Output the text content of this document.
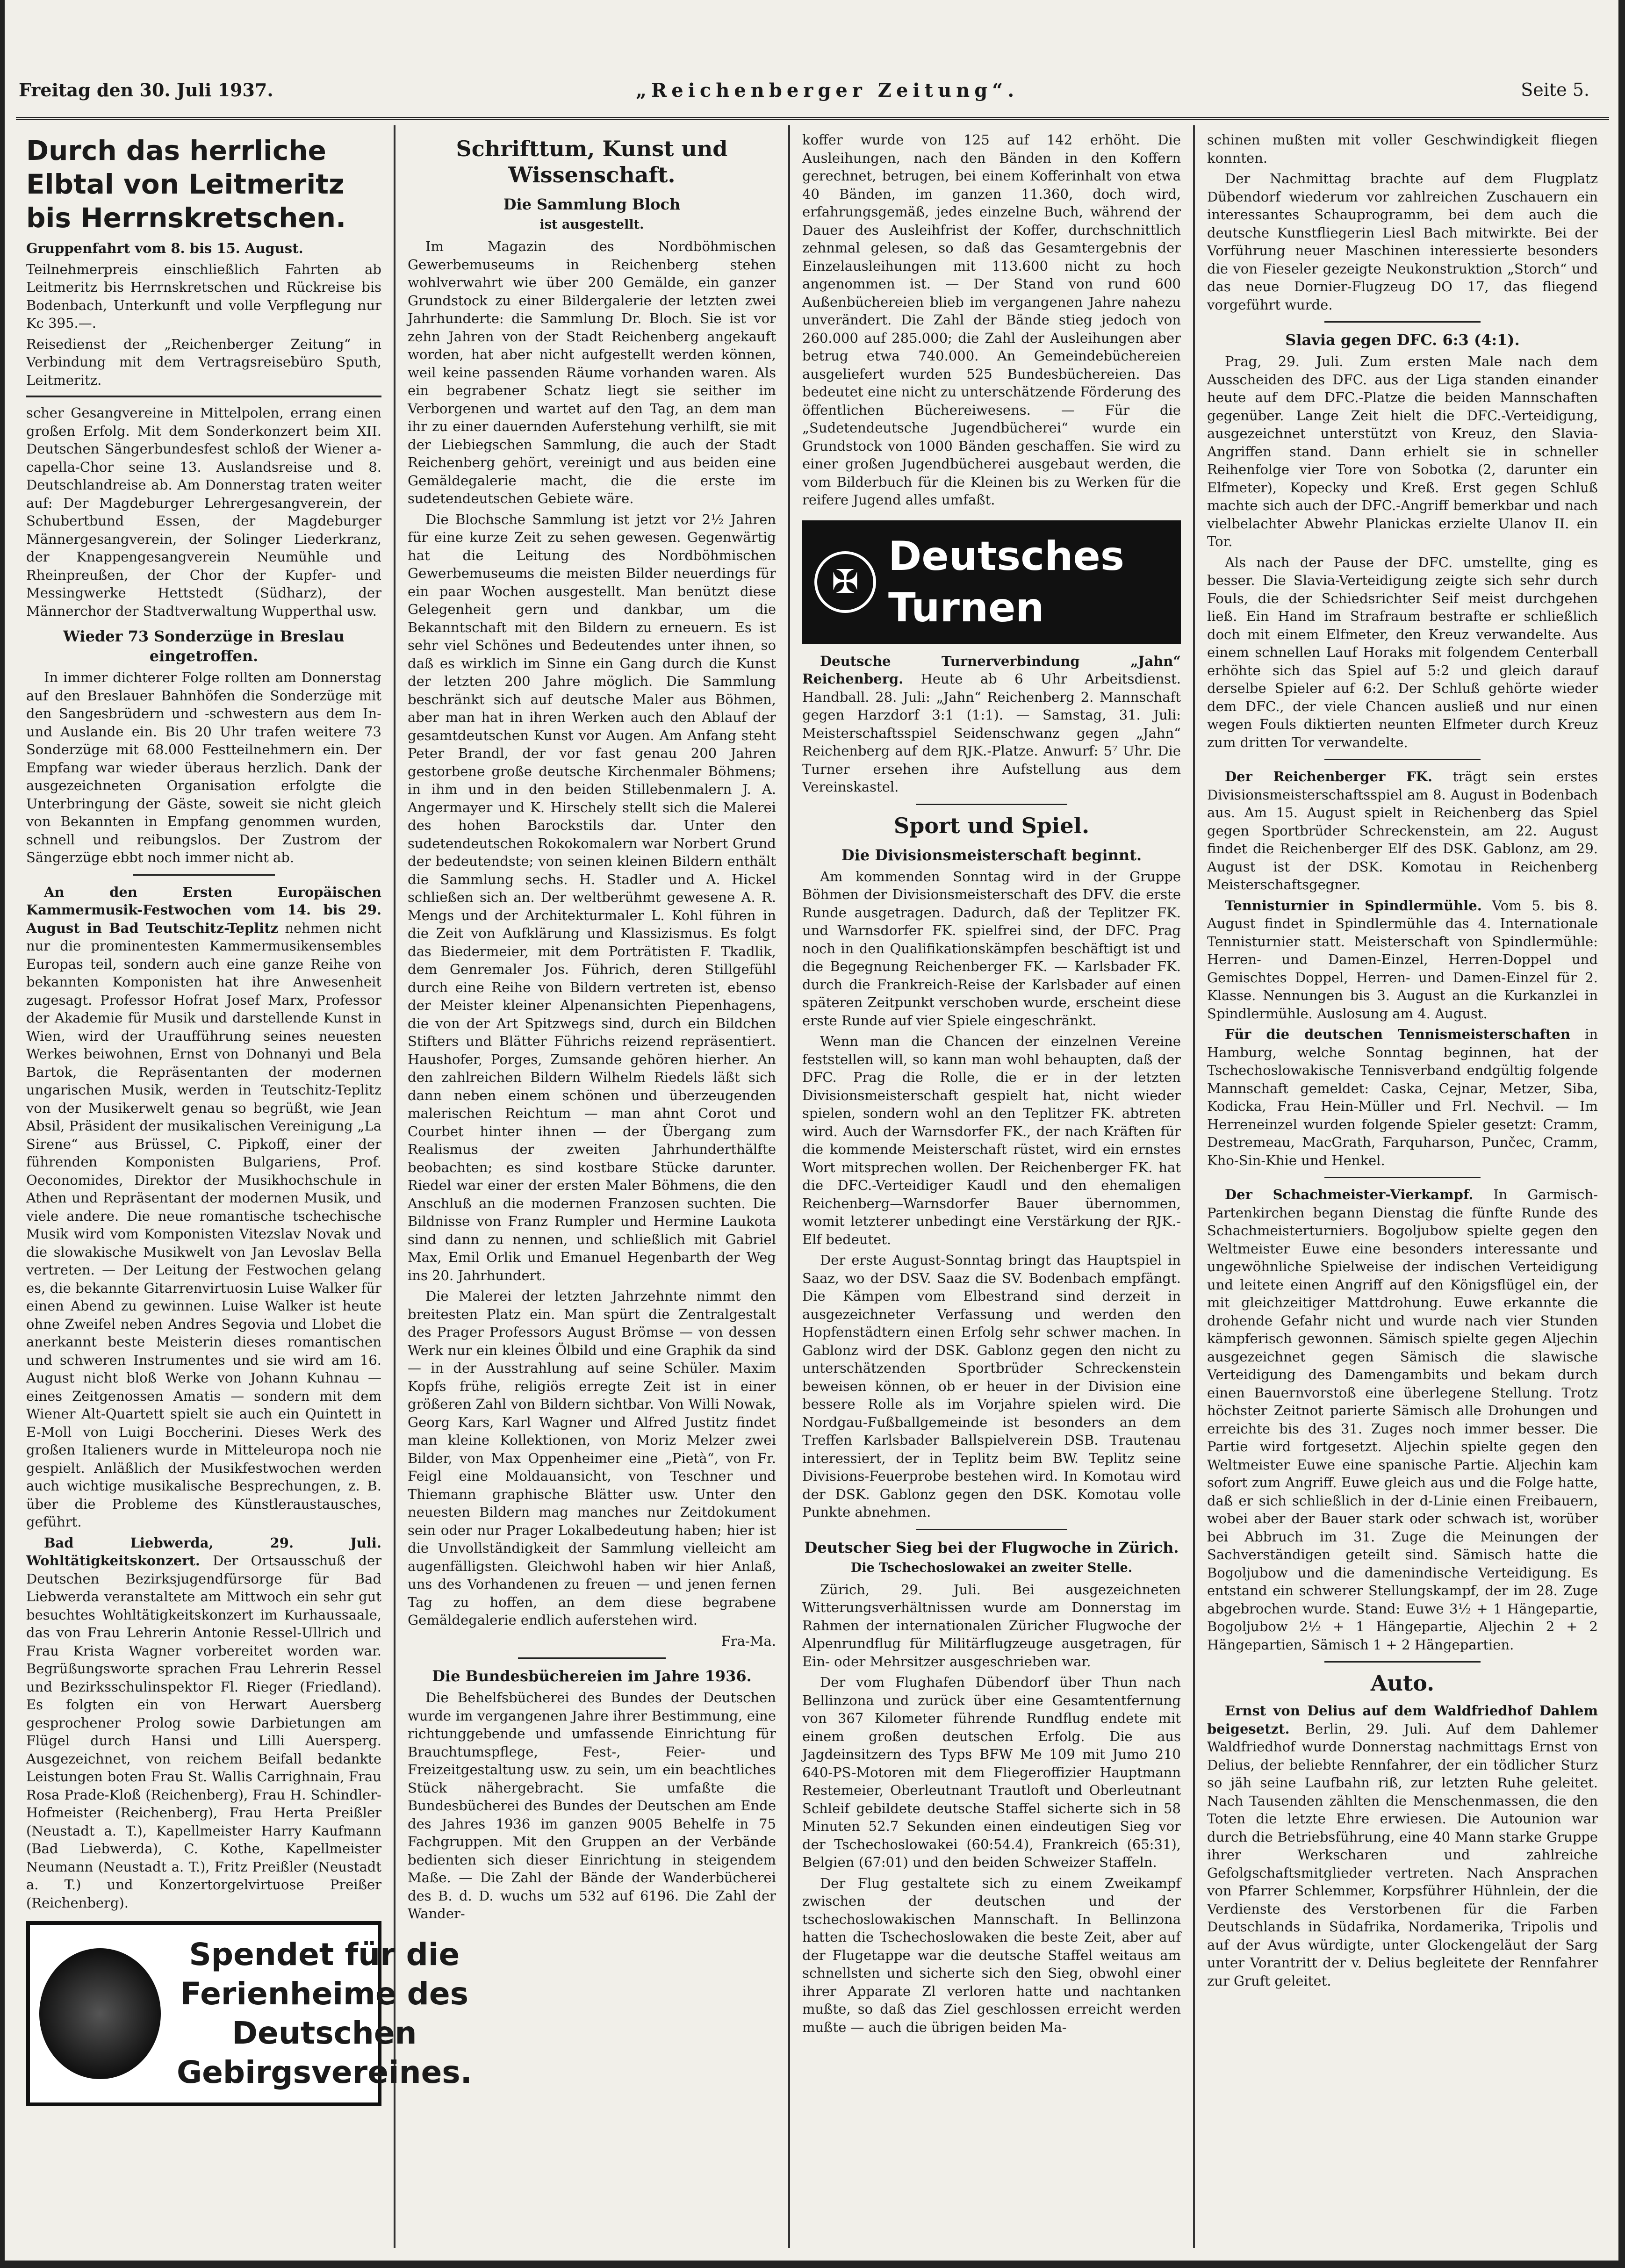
Freitag den 30. Juli 1937.	„Reichenberger Zeitung“.	Seite 5.
Durch das herrliche Elbtal von Leitmeritz bis Herrnskretschen.

Gruppenfahrt vom 8. bis 15. August.

Teilnehmerpreis einschließlich Fahrten ab Leitmeritz bis Herrnskretschen und Rückreise bis Bodenbach, Unterkunft und volle Verpflegung nur Kc 395.—.

Reisedienst der „Reichenberger Zeitung“ in Verbindung mit dem Vertragsreisebüro Sputh, Leitmeritz.

scher Gesangvereine in Mittelpolen, errang einen großen Erfolg. Mit dem Sonderkonzert beim XII. Deutschen Sängerbundesfest schloß der Wiener a-capella-Chor seine 13. Auslandsreise und 8. Deutschlandreise ab. Am Donnerstag traten weiter auf: Der Magdeburger Lehrergesangverein, der Schubertbund Essen, der Magdeburger Männergesangverein, der Solinger Liederkranz, der Knappengesangverein Neumühle und Rheinpreußen, der Chor der Kupfer- und Messingwerke Hettstedt (Südharz), der Männerchor der Stadtverwaltung Wupperthal usw.

Wieder 73 Sonderzüge in Breslau eingetroffen.

In immer dichterer Folge rollten am Donnerstag auf den Breslauer Bahnhöfen die Sonderzüge mit den Sangesbrüdern und -schwestern aus dem In- und Auslande ein. Bis 20 Uhr trafen weitere 73 Sonderzüge mit 68.000 Festteilnehmern ein. Der Empfang war wieder überaus herzlich. Dank der ausgezeichneten Organisation erfolgte die Unterbringung der Gäste, soweit sie nicht gleich von Bekannten in Empfang genommen wurden, schnell und reibungslos. Der Zustrom der Sängerzüge ebbt noch immer nicht ab.

An den Ersten Europäischen Kammermusik-Festwochen vom 14. bis 29. August in Bad Teutschitz-Teplitz nehmen nicht nur die prominentesten Kammermusikensembles Europas teil, sondern auch eine ganze Reihe von bekannten Komponisten hat ihre Anwesenheit zugesagt. Professor Hofrat Josef Marx, Professor der Akademie für Musik und darstellende Kunst in Wien, wird der Uraufführung seines neuesten Werkes beiwohnen, Ernst von Dohnanyi und Bela Bartok, die Repräsentanten der modernen ungarischen Musik, werden in Teutschitz-Teplitz von der Musikerwelt genau so begrüßt, wie Jean Absil, Präsident der musikalischen Vereinigung „La Sirene“ aus Brüssel, C. Pipkoff, einer der führenden Komponisten Bulgariens, Prof. Oeconomides, Direktor der Musikhochschule in Athen und Repräsentant der modernen Musik, und viele andere. Die neue romantische tschechische Musik wird vom Komponisten Vitezslav Novak und die slowakische Musikwelt von Jan Levoslav Bella vertreten. — Der Leitung der Festwochen gelang es, die bekannte Gitarrenvirtuosin Luise Walker für einen Abend zu gewinnen. Luise Walker ist heute ohne Zweifel neben Andres Segovia und Llobet die anerkannt beste Meisterin dieses romantischen und schweren Instrumentes und sie wird am 16. August nicht bloß Werke von Johann Kuhnau — eines Zeitgenossen Amatis — sondern mit dem Wiener Alt-Quartett spielt sie auch ein Quintett in E-Moll von Luigi Boccherini. Dieses Werk des großen Italieners wurde in Mitteleuropa noch nie gespielt. Anläßlich der Musikfestwochen werden auch wichtige musikalische Besprechungen, z. B. über die Probleme des Künstleraustausches, geführt.

Bad Liebwerda, 29. Juli. Wohltätigkeitskonzert. Der Ortsausschuß der Deutschen Bezirksjugendfürsorge für Bad Liebwerda veranstaltete am Mittwoch ein sehr gut besuchtes Wohltätigkeitskonzert im Kurhaussaale, das von Frau Lehrerin Antonie Ressel-Ullrich und Frau Krista Wagner vorbereitet worden war. Begrüßungsworte sprachen Frau Lehrerin Ressel und Bezirksschulinspektor Fl. Rieger (Friedland). Es folgten ein von Herwart Auersberg gesprochener Prolog sowie Darbietungen am Flügel durch Hansi und Lilli Auersperg. Ausgezeichnet, von reichem Beifall bedankte Leistungen boten Frau St. Wallis Carrighnain, Frau Rosa Prade-Kloß (Reichenberg), Frau H. Schindler-Hofmeister (Reichenberg), Frau Herta Preißler (Neustadt a. T.), Kapellmeister Harry Kaufmann (Bad Liebwerda), C. Kothe, Kapellmeister Neumann (Neustadt a. T.), Fritz Preißler (Neustadt a. T.) und Konzertorgelvirtuose Preißer (Reichenberg).

Spendet für die Ferienheime des Deutschen Gebirgsvereines.
Schrifttum, Kunst und Wissenschaft.
Die Sammlung Bloch
ist ausgestellt.

Im Magazin des Nordböhmischen Gewerbemuseums in Reichenberg stehen wohlverwahrt wie über 200 Gemälde, ein ganzer Grundstock zu einer Bildergalerie der letzten zwei Jahrhunderte: die Sammlung Dr. Bloch. Sie ist vor zehn Jahren von der Stadt Reichenberg angekauft worden, hat aber nicht aufgestellt werden können, weil keine passenden Räume vorhanden waren. Als ein begrabener Schatz liegt sie seither im Verborgenen und wartet auf den Tag, an dem man ihr zu einer dauernden Auferstehung verhilft, sie mit der Liebiegschen Sammlung, die auch der Stadt Reichenberg gehört, vereinigt und aus beiden eine Gemäldegalerie macht, die die erste im sudetendeutschen Gebiete wäre.

Die Blochsche Sammlung ist jetzt vor 2½ Jahren für eine kurze Zeit zu sehen gewesen. Gegenwärtig hat die Leitung des Nordböhmischen Gewerbemuseums die meisten Bilder neuerdings für ein paar Wochen ausgestellt. Man benützt diese Gelegenheit gern und dankbar, um die Bekanntschaft mit den Bildern zu erneuern. Es ist sehr viel Schönes und Bedeutendes unter ihnen, so daß es wirklich im Sinne ein Gang durch die Kunst der letzten 200 Jahre möglich. Die Sammlung beschränkt sich auf deutsche Maler aus Böhmen, aber man hat in ihren Werken auch den Ablauf der gesamtdeutschen Kunst vor Augen. Am Anfang steht Peter Brandl, der vor fast genau 200 Jahren gestorbene große deutsche Kirchenmaler Böhmens; in ihm und in den beiden Stillebenmalern J. A. Angermayer und K. Hirschely stellt sich die Malerei des hohen Barockstils dar. Unter den sudetendeutschen Rokokomalern war Norbert Grund der bedeutendste; von seinen kleinen Bildern enthält die Sammlung sechs. H. Stadler und A. Hickel schließen sich an. Der weltberühmt gewesene A. R. Mengs und der Architekturmaler L. Kohl führen in die Zeit von Aufklärung und Klassizismus. Es folgt das Biedermeier, mit dem Porträtisten F. Tkadlik, dem Genremaler Jos. Führich, deren Stillgefühl durch eine Reihe von Bildern vertreten ist, ebenso der Meister kleiner Alpenansichten Piepenhagens, die von der Art Spitzwegs sind, durch ein Bildchen Stifters und Blätter Führichs reizend repräsentiert. Haushofer, Porges, Zumsande gehören hierher. An den zahlreichen Bildern Wilhelm Riedels läßt sich dann neben einem schönen und überzeugenden malerischen Reichtum — man ahnt Corot und Courbet hinter ihnen — der Übergang zum Realismus der zweiten Jahrhunderthälfte beobachten; es sind kostbare Stücke darunter. Riedel war einer der ersten Maler Böhmens, die den Anschluß an die modernen Franzosen suchten. Die Bildnisse von Franz Rumpler und Hermine Laukota sind dann zu nennen, und schließlich mit Gabriel Max, Emil Orlik und Emanuel Hegenbarth der Weg ins 20. Jahrhundert.

Die Malerei der letzten Jahrzehnte nimmt den breitesten Platz ein. Man spürt die Zentralgestalt des Prager Professors August Brömse — von dessen Werk nur ein kleines Ölbild und eine Graphik da sind — in der Ausstrahlung auf seine Schüler. Maxim Kopfs frühe, religiös erregte Zeit ist in einer größeren Zahl von Bildern sichtbar. Von Willi Nowak, Georg Kars, Karl Wagner und Alfred Justitz findet man kleine Kollektionen, von Moriz Melzer zwei Bilder, von Max Oppenheimer eine „Pietà“, von Fr. Feigl eine Moldauansicht, von Teschner und Thiemann graphische Blätter usw. Unter den neuesten Bildern mag manches nur Zeitdokument sein oder nur Prager Lokalbedeutung haben; hier ist die Unvollständigkeit der Sammlung vielleicht am augenfälligsten. Gleichwohl haben wir hier Anlaß, uns des Vorhandenen zu freuen — und jenen fernen Tag zu hoffen, an dem diese begrabene Gemäldegalerie endlich auferstehen wird.

Fra-Ma.

Die Bundesbüchereien im Jahre 1936.

Die Behelfsbücherei des Bundes der Deutschen wurde im vergangenen Jahre ihrer Bestimmung, eine richtunggebende und umfassende Einrichtung für Brauchtumspflege, Fest-, Feier- und Freizeitgestaltung usw. zu sein, um ein beachtliches Stück nähergebracht. Sie umfaßte die Bundesbücherei des Bundes der Deutschen am Ende des Jahres 1936 im ganzen 9005 Behelfe in 75 Fachgruppen. Mit den Gruppen an der Verbände bedienten sich dieser Einrichtung in steigendem Maße. — Die Zahl der Bände der Wanderbücherei des B. d. D. wuchs um 532 auf 6196. Die Zahl der Wander-

koffer wurde von 125 auf 142 erhöht. Die Ausleihungen, nach den Bänden in den Koffern gerechnet, betrugen, bei einem Kofferinhalt von etwa 40 Bänden, im ganzen 11.360, doch wird, erfahrungsgemäß, jedes einzelne Buch, während der Dauer des Ausleihfrist der Koffer, durchschnittlich zehnmal gelesen, so daß das Gesamtergebnis der Einzelausleihungen mit 113.600 nicht zu hoch angenommen ist. — Der Stand von rund 600 Außenbüchereien blieb im vergangenen Jahre nahezu unverändert. Die Zahl der Bände stieg jedoch von 260.000 auf 285.000; die Zahl der Ausleihungen aber betrug etwa 740.000. An Gemeindebüchereien ausgeliefert wurden 525 Bundesbüchereien. Das bedeutet eine nicht zu unterschätzende Förderung des öffentlichen Büchereiwesens. — Für die „Sudetendeutsche Jugendbücherei“ wurde ein Grundstock von 1000 Bänden geschaffen. Sie wird zu einer großen Jugendbücherei ausgebaut werden, die vom Bilderbuch für die Kleinen bis zu Werken für die reifere Jugend alles umfaßt.

✠
Deutsches Turnen

Deutsche Turnerverbindung „Jahn“ Reichenberg. Heute ab 6 Uhr Arbeitsdienst. Handball. 28. Juli: „Jahn“ Reichenberg 2. Mannschaft gegen Harzdorf 3:1 (1:1). — Samstag, 31. Juli: Meisterschaftsspiel Seidenschwanz gegen „Jahn“ Reichenberg auf dem RJK.-Platze. Anwurf: 5⁷ Uhr. Die Turner ersehen ihre Aufstellung aus dem Vereinskastel.

Sport und Spiel.
Die Divisionsmeisterschaft beginnt.

Am kommenden Sonntag wird in der Gruppe Böhmen der Divisionsmeisterschaft des DFV. die erste Runde ausgetragen. Dadurch, daß der Teplitzer FK. und Warnsdorfer FK. spielfrei sind, der DFC. Prag noch in den Qualifikationskämpfen beschäftigt ist und die Begegnung Reichenberger FK. — Karlsbader FK. durch die Frankreich-Reise der Karlsbader auf einen späteren Zeitpunkt verschoben wurde, erscheint diese erste Runde auf vier Spiele eingeschränkt.

Wenn man die Chancen der einzelnen Vereine feststellen will, so kann man wohl behaupten, daß der DFC. Prag die Rolle, die er in der letzten Divisionsmeisterschaft gespielt hat, nicht wieder spielen, sondern wohl an den Teplitzer FK. abtreten wird. Auch der Warnsdorfer FK., der nach Kräften für die kommende Meisterschaft rüstet, wird ein ernstes Wort mitsprechen wollen. Der Reichenberger FK. hat die DFC.-Verteidiger Kaudl und den ehemaligen Reichenberg—Warnsdorfer Bauer übernommen, womit letzterer unbedingt eine Verstärkung der RJK.-Elf bedeutet.

Der erste August-Sonntag bringt das Hauptspiel in Saaz, wo der DSV. Saaz die SV. Bodenbach empfängt. Die Kämpen vom Elbestrand sind derzeit in ausgezeichneter Verfassung und werden den Hopfenstädtern einen Erfolg sehr schwer machen. In Gablonz wird der DSK. Gablonz gegen den nicht zu unterschätzenden Sportbrüder Schreckenstein beweisen können, ob er heuer in der Division eine bessere Rolle als im Vorjahre spielen wird. Die Nordgau-Fußballgemeinde ist besonders an dem Treffen Karlsbader Ballspielverein DSB. Trautenau interessiert, der in Teplitz beim BW. Teplitz seine Divisions-Feuerprobe bestehen wird. In Komotau wird der DSK. Gablonz gegen den DSK. Komotau volle Punkte abnehmen.

Deutscher Sieg bei der Flugwoche in Zürich.
Die Tschechoslowakei an zweiter Stelle.

Zürich, 29. Juli. Bei ausgezeichneten Witterungsverhältnissen wurde am Donnerstag im Rahmen der internationalen Züricher Flugwoche der Alpenrundflug für Militärflugzeuge ausgetragen, für Ein- oder Mehrsitzer ausgeschrieben war.

Der vom Flughafen Dübendorf über Thun nach Bellinzona und zurück über eine Gesamtentfernung von 367 Kilometer führende Rundflug endete mit einem großen deutschen Erfolg. Die aus Jagdeinsitzern des Typs BFW Me 109 mit Jumo 210 640-PS-Motoren mit dem Fliegeroffizier Hauptmann Restemeier, Oberleutnant Trautloft und Oberleutnant Schleif gebildete deutsche Staffel sicherte sich in 58 Minuten 52.7 Sekunden einen eindeutigen Sieg vor der Tschechoslowakei (60:54.4), Frankreich (65:31), Belgien (67:01) und den beiden Schweizer Staffeln.

Der Flug gestaltete sich zu einem Zweikampf zwischen der deutschen und der tschechoslowakischen Mannschaft. In Bellinzona hatten die Tschechoslowaken die beste Zeit, aber auf der Flugetappe war die deutsche Staffel weitaus am schnellsten und sicherte sich den Sieg, obwohl einer ihrer Apparate Zl verloren hatte und nachtanken mußte, so daß das Ziel geschlossen erreicht werden mußte — auch die übrigen beiden Ma-

schinen mußten mit voller Geschwindigkeit fliegen konnten.

Der Nachmittag brachte auf dem Flugplatz Dübendorf wiederum vor zahlreichen Zuschauern ein interessantes Schauprogramm, bei dem auch die deutsche Kunstfliegerin Liesl Bach mitwirkte. Bei der Vorführung neuer Maschinen interessierte besonders die von Fieseler gezeigte Neukonstruktion „Storch“ und das neue Dornier-Flugzeug DO 17, das fliegend vorgeführt wurde.

Slavia gegen DFC. 6:3 (4:1).

Prag, 29. Juli. Zum ersten Male nach dem Ausscheiden des DFC. aus der Liga standen einander heute auf dem DFC.-Platze die beiden Mannschaften gegenüber. Lange Zeit hielt die DFC.-Verteidigung, ausgezeichnet unterstützt von Kreuz, den Slavia-Angriffen stand. Dann erhielt sie in schneller Reihenfolge vier Tore von Sobotka (2, darunter ein Elfmeter), Kopecky und Kreß. Erst gegen Schluß machte sich auch der DFC.-Angriff bemerkbar und nach vielbelachter Abwehr Planickas erzielte Ulanov II. ein Tor.

Als nach der Pause der DFC. umstellte, ging es besser. Die Slavia-Verteidigung zeigte sich sehr durch Fouls, die der Schiedsrichter Seif meist durchgehen ließ. Ein Hand im Strafraum bestrafte er schließlich doch mit einem Elfmeter, den Kreuz verwandelte. Aus einem schnellen Lauf Horaks mit folgendem Centerball erhöhte sich das Spiel auf 5:2 und gleich darauf derselbe Spieler auf 6:2. Der Schluß gehörte wieder dem DFC., der viele Chancen ausließ und nur einen wegen Fouls diktierten neunten Elfmeter durch Kreuz zum dritten Tor verwandelte.

Der Reichenberger FK. trägt sein erstes Divisionsmeisterschaftsspiel am 8. August in Bodenbach aus. Am 15. August spielt in Reichenberg das Spiel gegen Sportbrüder Schreckenstein, am 22. August findet die Reichenberger Elf des DSK. Gablonz, am 29. August ist der DSK. Komotau in Reichenberg Meisterschaftsgegner.

Tennisturnier in Spindlermühle. Vom 5. bis 8. August findet in Spindlermühle das 4. Internationale Tennisturnier statt. Meisterschaft von Spindlermühle: Herren- und Damen-Einzel, Herren-Doppel und Gemischtes Doppel, Herren- und Damen-Einzel für 2. Klasse. Nennungen bis 3. August an die Kurkanzlei in Spindlermühle. Auslosung am 4. August.

Für die deutschen Tennismeisterschaften in Hamburg, welche Sonntag beginnen, hat der Tschechoslowakische Tennisverband endgültig folgende Mannschaft gemeldet: Caska, Cejnar, Metzer, Siba, Kodicka, Frau Hein-Müller und Frl. Nechvil. — Im Herreneinzel wurden folgende Spieler gesetzt: Cramm, Destremeau, MacGrath, Farquharson, Punčec, Cramm, Kho-Sin-Khie und Henkel.

Der Schachmeister-Vierkampf. In Garmisch-Partenkirchen begann Dienstag die fünfte Runde des Schachmeisterturniers. Bogoljubow spielte gegen den Weltmeister Euwe eine besonders interessante und ungewöhnliche Spielweise der indischen Verteidigung und leitete einen Angriff auf den Königsflügel ein, der mit gleichzeitiger Mattdrohung. Euwe erkannte die drohende Gefahr nicht und wurde nach vier Stunden kämpferisch gewonnen. Sämisch spielte gegen Aljechin ausgezeichnet gegen Sämisch die slawische Verteidigung des Damengambits und bekam durch einen Bauernvorstoß eine überlegene Stellung. Trotz höchster Zeitnot parierte Sämisch alle Drohungen und erreichte bis des 31. Zuges noch immer besser. Die Partie wird fortgesetzt. Aljechin spielte gegen den Weltmeister Euwe eine spanische Partie. Aljechin kam sofort zum Angriff. Euwe gleich aus und die Folge hatte, daß er sich schließlich in der d-Linie einen Freibauern, wobei aber der Bauer stark oder schwach ist, worüber bei Abbruch im 31. Zuge die Meinungen der Sachverständigen geteilt sind. Sämisch hatte die Bogoljubow und die damenindische Verteidigung. Es entstand ein schwerer Stellungskampf, der im 28. Zuge abgebrochen wurde. Stand: Euwe 3½ + 1 Hängepartie, Bogoljubow 2½ + 1 Hängepartie, Aljechin 2 + 2 Hängepartien, Sämisch 1 + 2 Hängepartien.

Auto.

Ernst von Delius auf dem Waldfriedhof Dahlem beigesetzt. Berlin, 29. Juli. Auf dem Dahlemer Waldfriedhof wurde Donnerstag nachmittags Ernst von Delius, der beliebte Rennfahrer, der ein tödlicher Sturz so jäh seine Laufbahn riß, zur letzten Ruhe geleitet. Nach Tausenden zählten die Menschenmassen, die den Toten die letzte Ehre erwiesen. Die Autounion war durch die Betriebsführung, eine 40 Mann starke Gruppe ihrer Werkscharen und zahlreiche Gefolgschaftsmitglieder vertreten. Nach Ansprachen von Pfarrer Schlemmer, Korpsführer Hühnlein, der die Verdienste des Verstorbenen für die Farben Deutschlands in Südafrika, Nordamerika, Tripolis und auf der Avus würdigte, unter Glockengeläut der Sarg unter Vorantritt der v. Delius begleitete der Rennfahrer zur Gruft geleitet.
